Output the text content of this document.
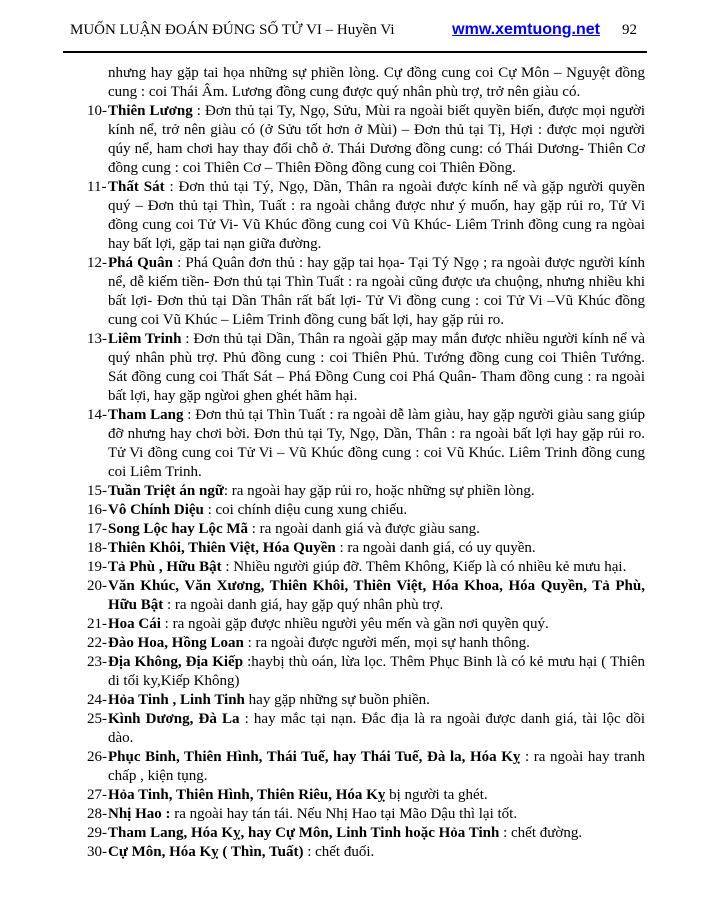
MUỐN LUẬN ĐOÁN ĐÚNG SỐ TỬ VI – Huyền Vi	wmw.xemtuong.net 92

nhưng hay gặp tai họa những sự phiền lòng. Cự đồng cung coi Cự Môn – Nguyệt đồng cung : coi Thái Âm. Lương đồng cung được quý nhân phù trợ, trở nên giàu có.

10-Thiên Lương : Đơn thủ tại Ty, Ngọ, Sửu, Mùi ra ngoài biết quyền biến, được mọi người kính nể, trở nên giàu có (ở Sửu tốt hơn ở Mùi) – Đơn thủ tại Tị, Hợi : được mọi người qúy nể, ham chơi hay thay đổi chỗ ở. Thái Dương đồng cung: có Thái Dương- Thiên Cơ đồng cung : coi Thiên Cơ – Thiên Đồng đồng cung coi Thiên Đồng.

11- Thất Sát : Đơn thủ tại Tý, Ngọ, Dần, Thân ra ngoài được kính nể và gặp người quyền quý – Đơn thủ tại Thìn, Tuất : ra ngoài chẳng được như ý muốn, hay gặp rủi ro, Tử Vi đồng cung coi Tử Vi- Vũ Khúc đồng cung coi Vũ Khúc- Liêm Trinh đồng cung ra ngòai hay bất lợi, gặp tai nạn giữa đường.

12-Phá Quân : Phá Quân đơn thủ : hay gặp tai họa- Tại Tý Ngọ ; ra ngoài được người kính nể, dễ kiếm tiền- Đơn thủ tại Thìn Tuất : ra ngoài cũng được ưa chuộng, nhưng nhiều khi bất lợi- Đơn thủ tại Dần Thân rất bất lợi- Tử Vi đồng cung : coi Tử Vi –Vũ Khúc đồng cung coi Vũ Khúc – Liêm Trinh đồng cung bất lợi, hay gặp rủi ro.

13-Liêm Trinh : Đơn thủ tại Dần, Thân ra ngoài gặp may mắn được nhiều người kính nể và quý nhân phù trợ. Phủ đồng cung : coi Thiên Phủ. Tướng đồng cung coi Thiên Tướng. Sát đồng cung coi Thất Sát – Phá Đồng Cung coi Phá Quân- Tham đồng cung : ra ngoài bất lợi, hay gặp ngừoi ghen ghét hãm hại.

14-Tham Lang : Đơn thủ tại Thìn Tuất : ra ngoài dễ làm giàu, hay gặp người giàu sang giúp đỡ nhưng hay chơi bời. Đơn thủ tại Ty, Ngọ, Dần, Thân : ra ngoài bất lợi hay gặp rủi ro. Tử Vi đồng cung coi Tử Vi – Vũ Khúc đồng cung : coi Vũ Khúc. Liêm Trinh đồng cung coi Liêm Trinh.

15-Tuần Triệt án ngữ: ra ngoài hay gặp rủi ro, hoặc những sự phiền lòng.

16-Vô Chính Diệu : coi chính diệu cung xung chiếu.

17-Song Lộc hay Lộc Mã : ra ngoài danh giá và được giàu sang.

18-Thiên Khôi, Thiên Việt, Hóa Quyền : ra ngoài danh giá, có uy quyền.

19-Tả Phù , Hữu Bật : Nhiều người giúp đỡ. Thêm Không, Kiếp là có nhiều kẻ mưu hại.

20-Văn Khúc, Văn Xương, Thiên Khôi, Thiên Việt, Hóa Khoa, Hóa Quyền, Tả Phù, Hữu Bật : ra ngoài danh giá, hay gặp quý nhân phù trợ.

21-Hoa Cái : ra ngoài gặp được nhiều người yêu mến và gần nơi quyền quý.

22-Đào Hoa, Hồng Loan : ra ngoài được người mến, mọi sự hanh thông.

23-Địa Không, Địa Kiếp :haybị thù oán, lừa lọc. Thêm Phục Binh là có kẻ mưu hại ( Thiên di tối ky,Kiếp Không)

24-Hỏa Tinh , Linh Tinh hay gặp những sự buồn phiền.

25-Kình Dương, Đà La : hay mắc tại nạn. Đắc địa là ra ngoài được danh giá, tài lộc dồi dào.

26-Phục Binh, Thiên Hình, Thái Tuế, hay Thái Tuế, Đà la, Hóa Kỵ : ra ngoài hay tranh chấp , kiện tụng.

27-Hỏa Tinh, Thiên Hình, Thiên Riêu, Hóa Kỵ bị người ta ghét.

28-Nhị Hao : ra ngoài hay tán tái. Nếu Nhị Hao tại Mão Dậu thì lại tốt.

29-Tham Lang, Hóa Kỵ, hay Cự Môn, Linh Tinh hoặc Hỏa Tinh : chết đường.

30-Cự Môn, Hóa Kỵ ( Thìn, Tuất) : chết đuối.
